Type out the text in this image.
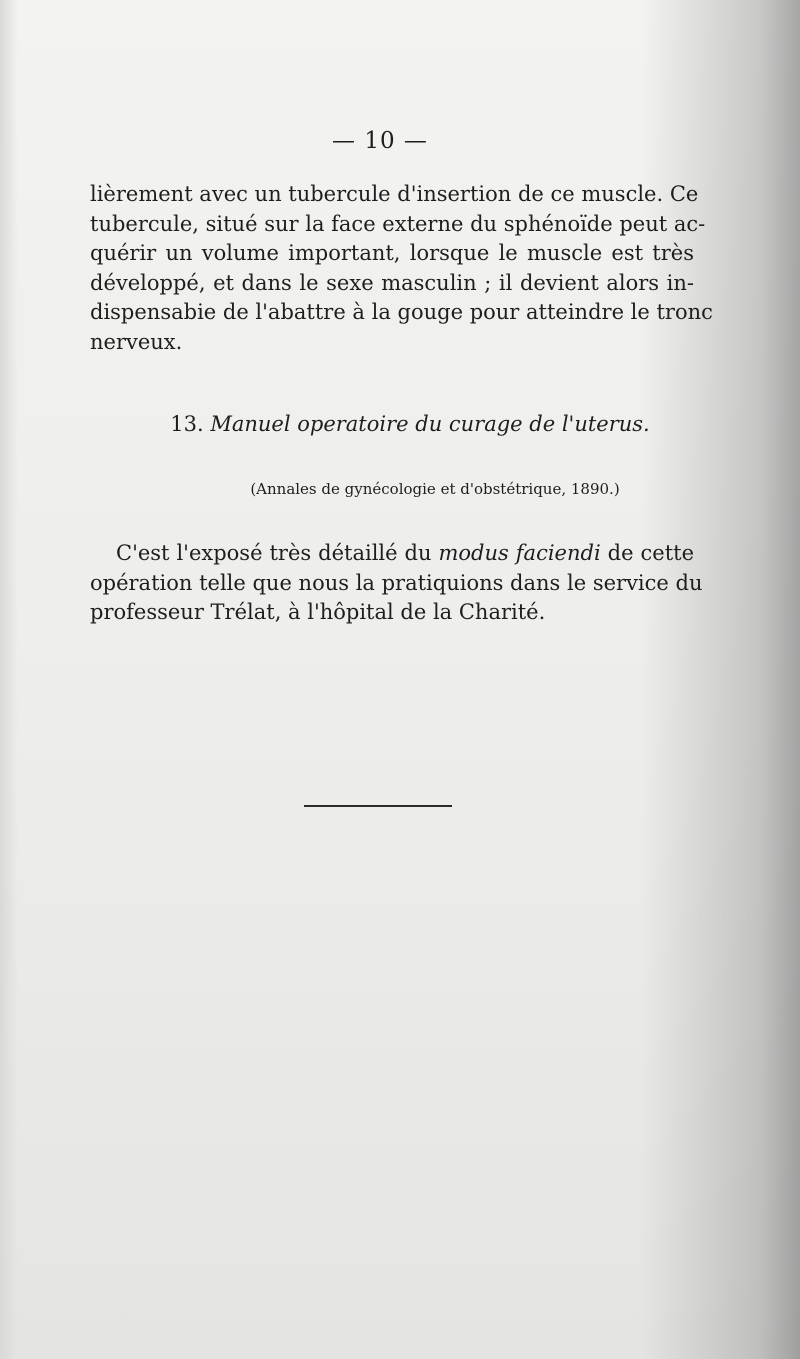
— 10 —
lièrement avec un tubercule d'insertion de ce muscle. Ce
tubercule, situé sur la face externe du sphénoïde peut ac-
quérir un volume important, lorsque le muscle est très
développé, et dans le sexe masculin ; il devient alors in-
dispensabie de l'abattre à la gouge pour atteindre le tronc
nerveux.
13. Manuel operatoire du curage de l'uterus.
(Annales de gynécologie et d'obstétrique, 1890.)
C'est l'exposé très détaillé du modus faciendi de cette
opération telle que nous la pratiquions dans le service du
professeur Trélat, à l'hôpital de la Charité.
